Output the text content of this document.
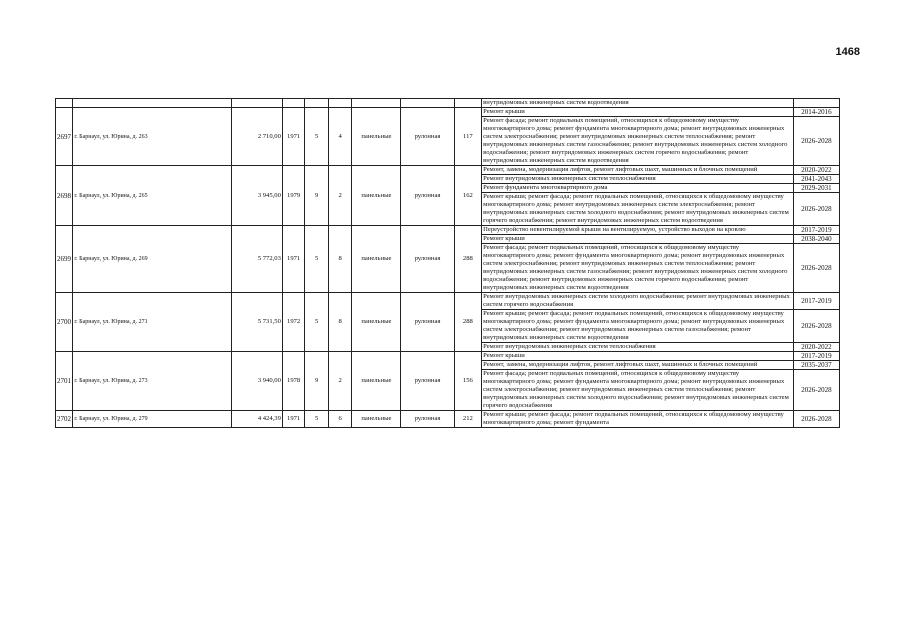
1468
									внутридомовых инженерных систем водоотведения	
2697	г. Барнаул, ул. Юрина, д. 263	2 710,00	1971	5	4	панельные	рулонная	117	Ремонт крыши	2014-2016
									Ремонт фасада; ремонт подвальных помещений, относящихся к общедомовому имуществу многоквартирного дома; ремонт фундамента многоквартирного дома; ремонт внутридомовых инженерных систем электроснабжения; ремонт внутридомовых инженерных систем теплоснабжения; ремонт внутридомовых инженерных систем газоснабжения; ремонт внутридомовых инженерных систем холодного водоснабжения; ремонт внутридомовых инженерных систем горячего водоснабжения; ремонт внутридомовых инженерных систем водоотведения	2026-2028
2698	г. Барнаул, ул. Юрина, д. 265	3 945,00	1979	9	2	панельные	рулонная	162	Ремонт, замена, модернизация лифтов, ремонт лифтовых шахт, машинных и блочных помещений	2020-2022
									Ремонт внутридомовых инженерных систем теплоснабжения	2041-2043
									Ремонт фундамента многоквартирного дома	2029-2031
									Ремонт крыши; ремонт фасада; ремонт подвальных помещений, относящихся к общедомовому имуществу многоквартирного дома; ремонт внутридомовых инженерных систем электроснабжения; ремонт внутридомовых инженерных систем холодного водоснабжения; ремонт внутридомовых инженерных систем горячего водоснабжения; ремонт внутридомовых инженерных систем водоотведения	2026-2028
2699	г. Барнаул, ул. Юрина, д. 269	5 772,03	1971	5	8	панельные	рулонная	288	Переустройство невентилируемой крыши на вентилируемую, устройство выходов на кровлю	2017-2019
									Ремонт крыши	2038-2040
									Ремонт фасада; ремонт подвальных помещений, относящихся к общедомовому имуществу многоквартирного дома; ремонт фундамента многоквартирного дома; ремонт внутридомовых инженерных систем электроснабжения; ремонт внутридомовых инженерных систем теплоснабжения; ремонт внутридомовых инженерных систем газоснабжения; ремонт внутридомовых инженерных систем холодного водоснабжения; ремонт внутридомовых инженерных систем горячего водоснабжения; ремонт внутридомовых инженерных систем водоотведения	2026-2028
2700	г. Барнаул, ул. Юрина, д. 271	5 731,50	1972	5	8	панельные	рулонная	288	Ремонт внутридомовых инженерных систем холодного водоснабжения; ремонт внутридомовых инженерных систем горячего водоснабжения	2017-2019
									Ремонт крыши; ремонт фасада; ремонт подвальных помещений, относящихся к общедомовому имуществу многоквартирного дома; ремонт фундамента многоквартирного дома; ремонт внутридомовых инженерных систем электроснабжения; ремонт внутридомовых инженерных систем газоснабжения; ремонт внутридомовых инженерных систем водоотведения	2026-2028
									Ремонт внутридомовых инженерных систем теплоснабжения	2020-2022
2701	г. Барнаул, ул. Юрина, д. 273	3 940,00	1978	9	2	панельные	рулонная	156	Ремонт крыши	2017-2019
									Ремонт, замена, модернизация лифтов, ремонт лифтовых шахт, машинных и блочных помещений	2035-2037
									Ремонт фасада; ремонт подвальных помещений, относящихся к общедомовому имуществу многоквартирного дома; ремонт фундамента многоквартирного дома; ремонт внутридомовых инженерных систем электроснабжения; ремонт внутридомовых инженерных систем теплоснабжения; ремонт внутридомовых инженерных систем холодного водоснабжения; ремонт внутридомовых инженерных систем горячего водоснабжения	2026-2028
2702	г. Барнаул, ул. Юрина, д. 279	4 424,39	1971	5	6	панельные	рулонная	212	Ремонт крыши; ремонт фасада; ремонт подвальных помещений, относящихся к общедомовому имуществу многоквартирного дома; ремонт фундамента	2026-2028
